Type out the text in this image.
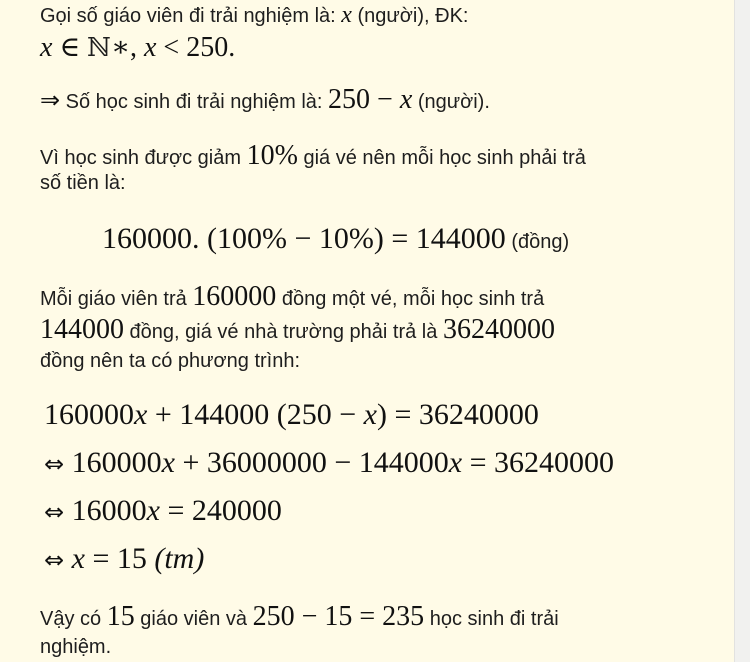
Gọi số giáo viên đi trải nghiệm là: x (người), ĐK:
x ∈ ℕ∗, x < 250.
⇒ Số học sinh đi trải nghiệm là: 250 − x (người).
Vì học sinh được giảm 10% giá vé nên mỗi học sinh phải trả
số tiền là:
160000. (100% − 10%) = 144000 (đồng)
Mỗi giáo viên trả 160000 đồng một vé, mỗi học sinh trả
144000 đồng, giá vé nhà trường phải trả là 36240000
đồng nên ta có phương trình:
160000x + 144000 (250 − x) = 36240000
⇔ 160000x + 36000000 − 144000x = 36240000
⇔ 16000x = 240000
⇔ x = 15 (tm)
Vậy có 15 giáo viên và 250 − 15 = 235 học sinh đi trải
nghiệm.
